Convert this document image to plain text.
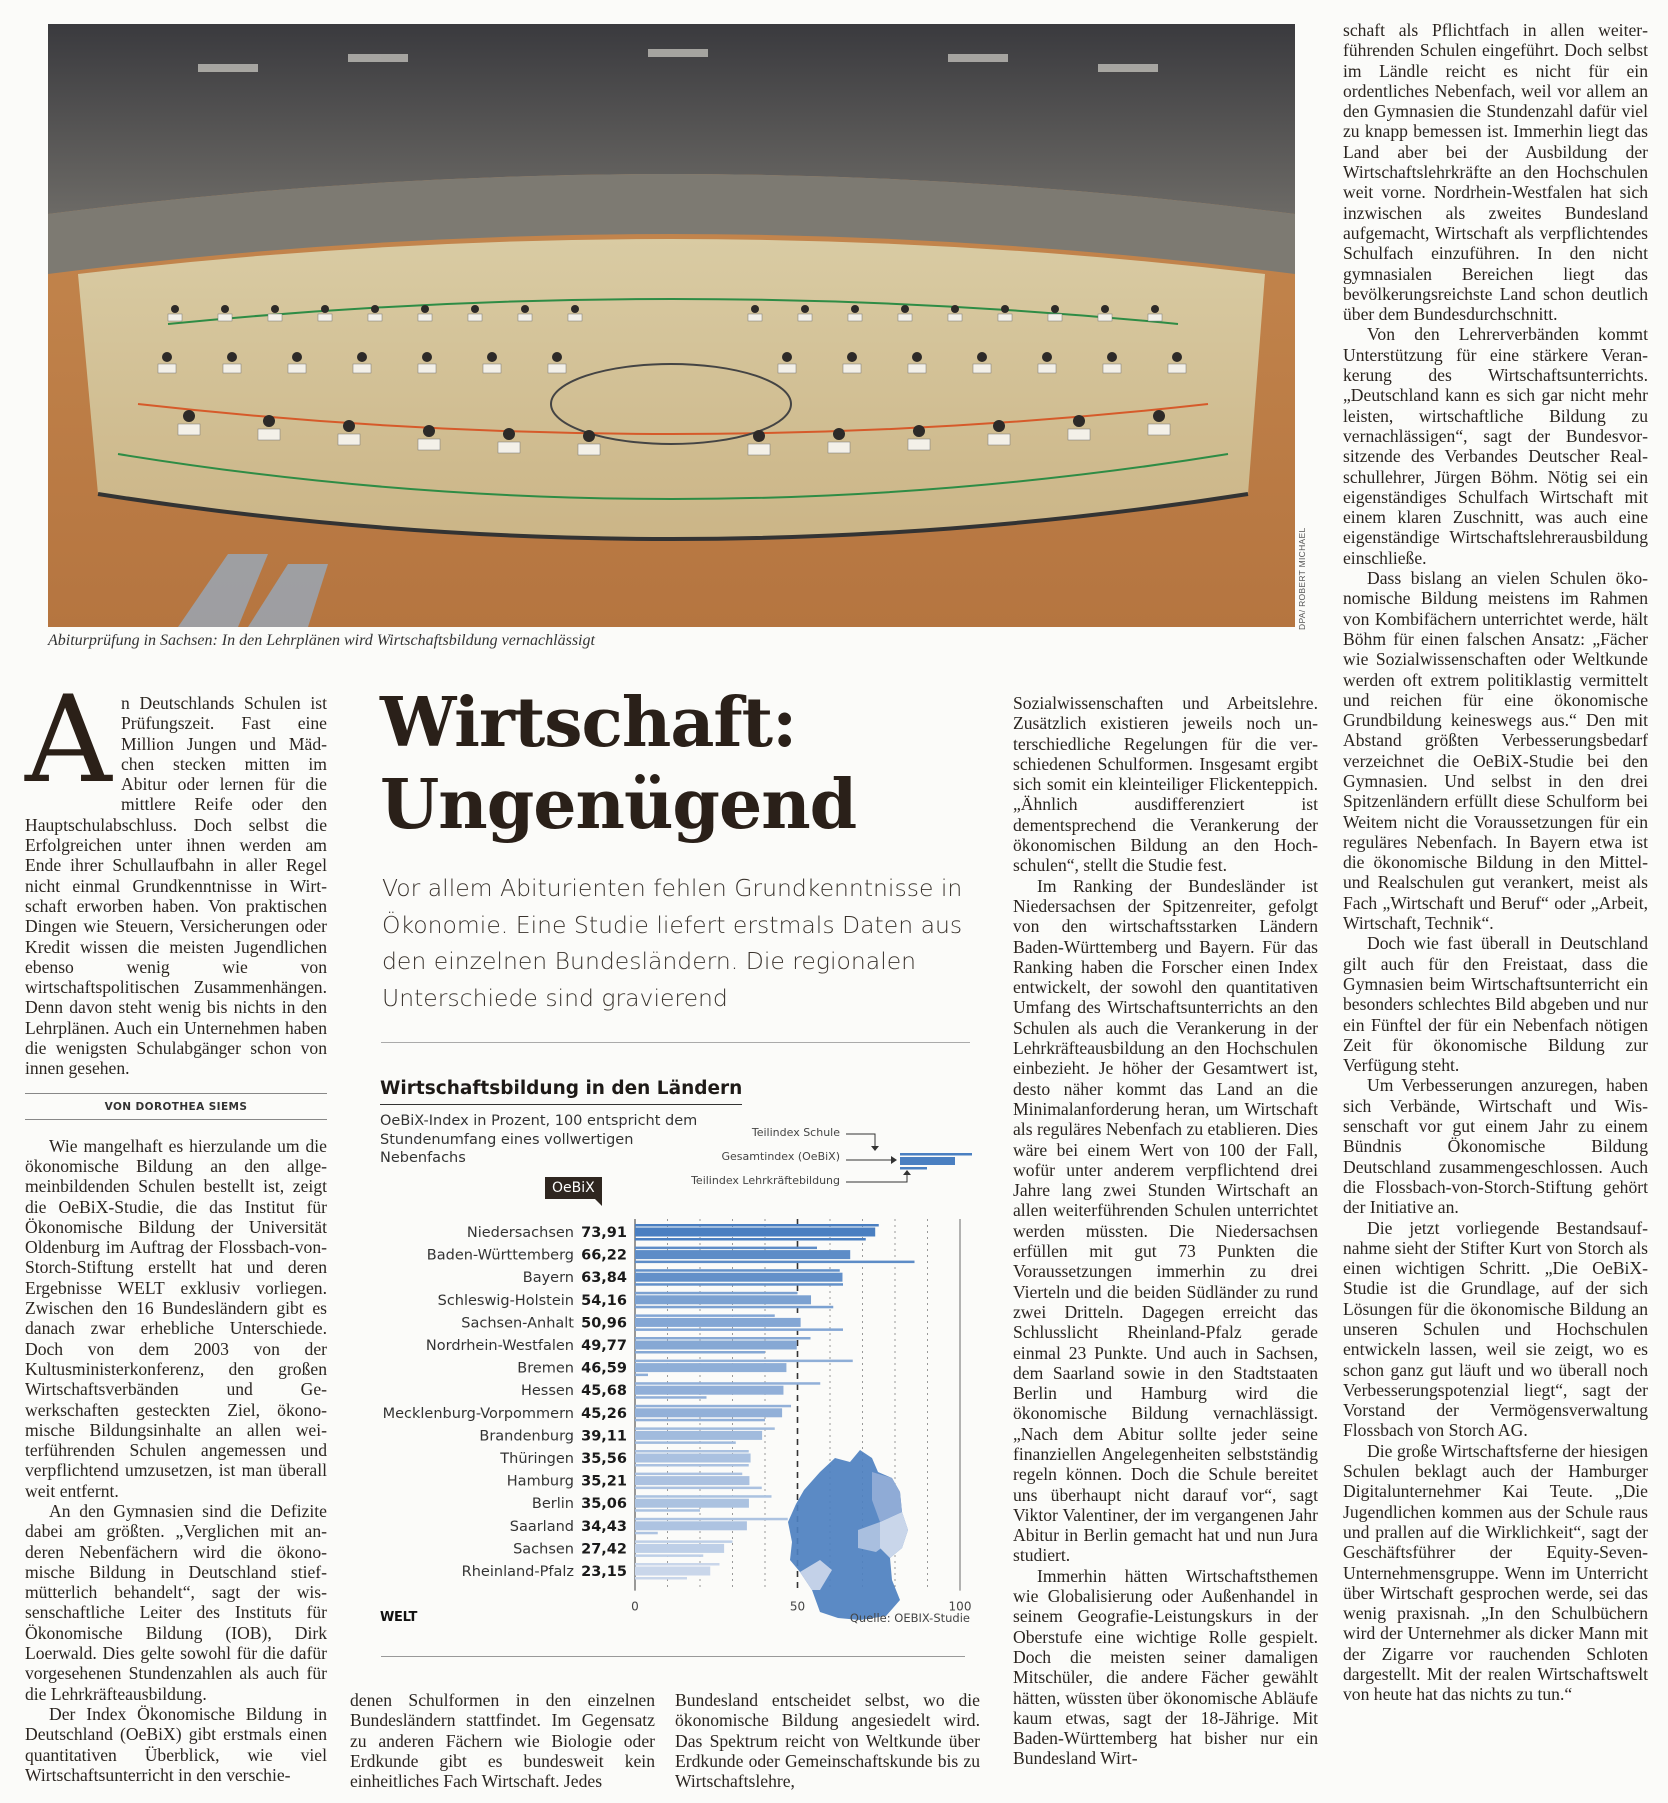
DPA/ ROBERT MICHAEL
Abiturprüfung in Sachsen: In den Lehrplänen wird Wirtschaftsbildung vernachlässigt
A n Deutschlands Schulen ist Prüfungszeit. Fast eine Million Jungen und Mädchen stecken mitten im Abitur oder lernen für die mittlere Reife oder den Hauptschulabschluss. Doch selbst die Erfolgreichen unter ihnen werden am Ende ihrer Schullaufbahn in aller Regel nicht einmal Grundkenntnisse in Wirtschaft erworben haben. Von praktischen Dingen wie Steuern, Versicherungen oder Kredit wissen die meisten Jugendlichen ebenso wenig wie von wirtschaftspolitischen Zusammenhängen. Denn davon steht wenig bis nichts in den Lehrplänen. Auch ein Unternehmen haben die wenigsten Schulabgänger schon von innen gesehen.
VON DOROTHEA SIEMS

Wie mangelhaft es hierzulande um die ökonomische Bildung an den allgemeinbildenden Schulen bestellt ist, zeigt die OeBiX-Studie, die das Institut für Ökonomische Bildung der Universität Oldenburg im Auftrag der Flossbach-von-Storch-Stiftung erstellt hat und deren Ergebnisse WELT exklusiv vorliegen. Zwischen den 16 Bundesländern gibt es danach zwar erhebliche Unterschiede. Doch von dem 2003 von der Kultusministerkonferenz, den großen Wirtschaftsverbänden und Gewerkschaften gesteckten Ziel, ökonomische Bildungsinhalte an allen weiterführenden Schulen angemessen und verpflichtend umzusetzen, ist man überall weit entfernt.

An den Gymnasien sind die Defizite dabei am größten. „Verglichen mit anderen Nebenfächern wird die ökonomische Bildung in Deutschland stiefmütterlich behandelt“, sagt der wissenschaftliche Leiter des Instituts für Ökonomische Bildung (IOB), Dirk Loerwald. Dies gelte sowohl für die dafür vorgesehenen Stundenzahlen als auch für die Lehrkräfteausbildung.

Der Index Ökonomische Bildung in Deutschland (OeBiX) gibt erstmals einen quantitativen Überblick, wie viel Wirtschaftsunterricht in den verschie-

Wirtschaft:
Ungenügend
Vor allem Abiturienten fehlen Grundkenntnisse in Ökonomie. Eine Studie liefert erstmals Daten aus den einzelnen Bundesländern. Die regionalen Unterschiede sind gravierend
Wirtschaftsbildung in den Ländern
OeBiX-Index in Prozent, 100 entspricht dem Stundenumfang eines vollwertigen Nebenfachs
OeBiX
Teilindex Schule
Gesamtindex (OeBiX)
Teilindex Lehrkräftebildung
Niedersachsen 73,91
Baden-Württemberg 66,22
Bayern 63,84
Schleswig-Holstein 54,16
Sachsen-Anhalt 50,96
Nordrhein-Westfalen 49,77
Bremen 46,59
Hessen 45,68
Mecklenburg-Vorpommern 45,26
Brandenburg 39,11
Thüringen 35,56
Hamburg 35,21
Berlin 35,06
Saarland 34,43
Sachsen 27,42
Rheinland-Pfalz 23,15
0	50	100
WELT	Quelle: OEBIX-Studie

denen Schulformen in den einzelnen Bundesländern stattfindet. Im Gegensatz zu anderen Fächern wie Biologie oder Erdkunde gibt es bundesweit kein einheitliches Fach Wirtschaft. Jedes

Bundesland entscheidet selbst, wo die ökonomische Bildung angesiedelt wird. Das Spektrum reicht von Weltkunde über Erdkunde oder Gemeinschaftskunde bis zu Wirtschaftslehre,

Sozialwissenschaften und Arbeitslehre. Zusätzlich existieren jeweils noch unterschiedliche Regelungen für die verschiedenen Schulformen. Insgesamt ergibt sich somit ein kleinteiliger Flickenteppich. „Ähnlich ausdifferenziert ist dementsprechend die Verankerung der ökonomischen Bildung an den Hochschulen“, stellt die Studie fest.

Im Ranking der Bundesländer ist Niedersachsen der Spitzenreiter, gefolgt von den wirtschaftsstarken Ländern Baden-Württemberg und Bayern. Für das Ranking haben die Forscher einen Index entwickelt, der sowohl den quantitativen Umfang des Wirtschaftsunterrichts an den Schulen als auch die Verankerung in der Lehrkräfteausbildung an den Hochschulen einbezieht. Je höher der Gesamtwert ist, desto näher kommt das Land an die Minimalanforderung heran, um Wirtschaft als reguläres Nebenfach zu etablieren. Dies wäre bei einem Wert von 100 der Fall, wofür unter anderem verpflichtend drei Jahre lang zwei Stunden Wirtschaft an allen weiterführenden Schulen unterrichtet werden müssten. Die Niedersachsen erfüllen mit gut 73 Punkten die Voraussetzungen immerhin zu drei Vierteln und die beiden Südländer zu rund zwei Dritteln. Dagegen erreicht das Schlusslicht Rheinland-Pfalz gerade einmal 23 Punkte. Und auch in Sachsen, dem Saarland sowie in den Stadtstaaten Berlin und Hamburg wird die ökonomische Bildung vernachlässigt. „Nach dem Abitur sollte jeder seine finanziellen Angelegenheiten selbstständig regeln können. Doch die Schule bereitet uns überhaupt nicht darauf vor“, sagt Viktor Valentiner, der im vergangenen Jahr Abitur in Berlin gemacht hat und nun Jura studiert.

Immerhin hätten Wirtschaftsthemen wie Globalisierung oder Außenhandel in seinem Geografie-Leistungskurs in der Oberstufe eine wichtige Rolle gespielt. Doch die meisten seiner damaligen Mitschüler, die andere Fächer gewählt hätten, wüssten über ökonomische Abläufe kaum etwas, sagt der 18-Jährige. Mit Baden-Württemberg hat bisher nur ein Bundesland Wirt-

schaft als Pflichtfach in allen weiterführenden Schulen eingeführt. Doch selbst im Ländle reicht es nicht für ein ordentliches Nebenfach, weil vor allem an den Gymnasien die Stundenzahl dafür viel zu knapp bemessen ist. Immerhin liegt das Land aber bei der Ausbildung der Wirtschaftslehrkräfte an den Hochschulen weit vorne. Nordrhein-Westfalen hat sich inzwischen als zweites Bundesland aufgemacht, Wirtschaft als verpflichtendes Schulfach einzuführen. In den nicht gymnasialen Bereichen liegt das bevölkerungsreichste Land schon deutlich über dem Bundesdurchschnitt.

Von den Lehrerverbänden kommt Unterstützung für eine stärkere Verankerung des Wirtschaftsunterrichts. „Deutschland kann es sich gar nicht mehr leisten, wirtschaftliche Bildung zu vernachlässigen“, sagt der Bundesvorsitzende des Verbandes Deutscher Realschullehrer, Jürgen Böhm. Nötig sei ein eigenständiges Schulfach Wirtschaft mit einem klaren Zuschnitt, was auch eine eigenständige Wirtschaftslehrerausbildung einschließe.

Dass bislang an vielen Schulen ökonomische Bildung meistens im Rahmen von Kombifächern unterrichtet werde, hält Böhm für einen falschen Ansatz: „Fächer wie Sozialwissenschaften oder Weltkunde werden oft extrem politiklastig vermittelt und reichen für eine ökonomische Grundbildung keineswegs aus.“ Den mit Abstand größten Verbesserungsbedarf verzeichnet die OeBiX-Studie bei den Gymnasien. Und selbst in den drei Spitzenländern erfüllt diese Schulform bei Weitem nicht die Voraussetzungen für ein reguläres Nebenfach. In Bayern etwa ist die ökonomische Bildung in den Mittel- und Realschulen gut verankert, meist als Fach „Wirtschaft und Beruf“ oder „Arbeit, Wirtschaft, Technik“.

Doch wie fast überall in Deutschland gilt auch für den Freistaat, dass die Gymnasien beim Wirtschaftsunterricht ein besonders schlechtes Bild abgeben und nur ein Fünftel der für ein Nebenfach nötigen Zeit für ökonomische Bildung zur Verfügung steht.

Um Verbesserungen anzuregen, haben sich Verbände, Wirtschaft und Wissenschaft vor gut einem Jahr zu einem Bündnis Ökonomische Bildung Deutschland zusammengeschlossen. Auch die Flossbach-von-Storch-Stiftung gehört der Initiative an.

Die jetzt vorliegende Bestandsaufnahme sieht der Stifter Kurt von Storch als einen wichtigen Schritt. „Die OeBiX-Studie ist die Grundlage, auf der sich Lösungen für die ökonomische Bildung an unseren Schulen und Hochschulen entwickeln lassen, weil sie zeigt, wo es schon ganz gut läuft und wo überall noch Verbesserungspotenzial liegt“, sagt der Vorstand der Vermögensverwaltung Flossbach von Storch AG.

Die große Wirtschaftsferne der hiesigen Schulen beklagt auch der Hamburger Digitalunternehmer Kai Teute. „Die Jugendlichen kommen aus der Schule raus und prallen auf die Wirklichkeit“, sagt der Geschäftsführer der Equity-Seven-Unternehmensgruppe. Wenn im Unterricht über Wirtschaft gesprochen werde, sei das wenig praxisnah. „In den Schulbüchern wird der Unternehmer als dicker Mann mit der Zigarre vor rauchenden Schloten dargestellt. Mit der realen Wirtschaftswelt von heute hat das nichts zu tun.“
